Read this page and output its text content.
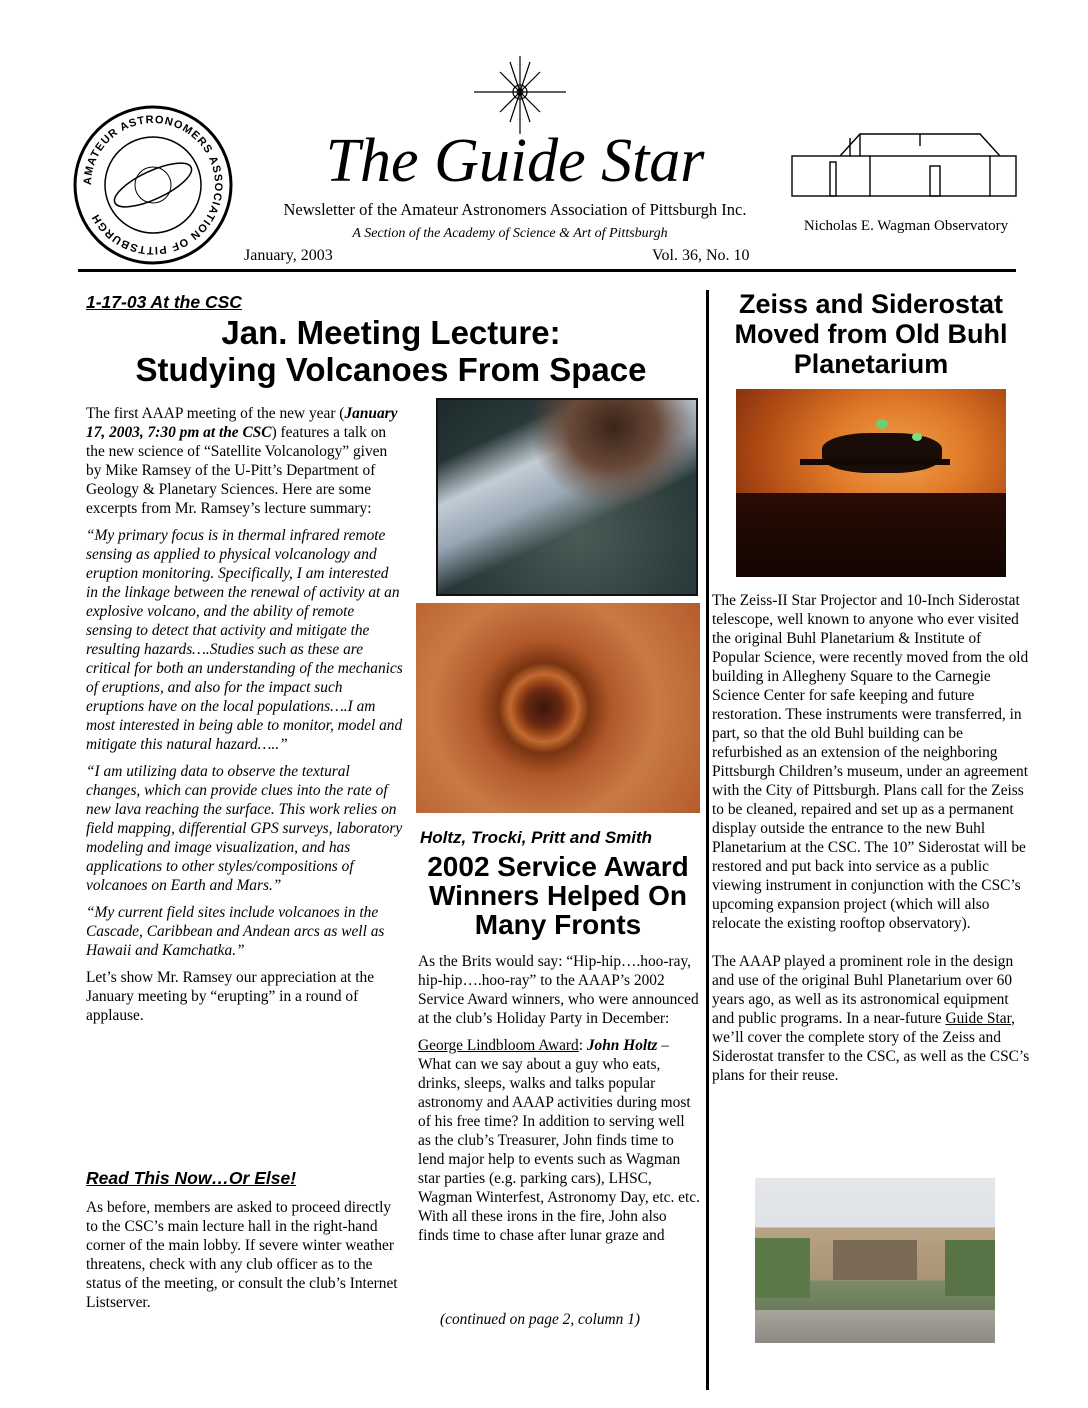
AMATEUR ASTRONOMERS ASSOCIATION OF PITTSBURGH
The Guide Star
Newsletter of the Amateur Astronomers Association of Pittsburgh Inc.
A Section of the Academy of Science & Art of Pittsburgh
January, 2003	Vol. 36, No. 10
Nicholas E. Wagman Observatory
1-17-03 At the CSC
Jan. Meeting Lecture:
Studying Volcanoes From Space

The first AAAP meeting of the new year (January 17, 2003, 7:30 pm at the CSC) features a talk on the new science of “Satellite Volcanology” given by Mike Ramsey of the U-Pitt’s Department of Geology & Planetary Sciences. Here are some excerpts from Mr. Ramsey’s lecture summary:

“My primary focus is in thermal infrared remote sensing as applied to physical volcanology and eruption monitoring. Specifically, I am interested in the linkage between the renewal of activity at an explosive volcano, and the ability of remote sensing to detect that activity and mitigate the resulting hazards….Studies such as these are critical for both an understanding of the mechanics of eruptions, and also for the impact such eruptions have on the local populations….I am most interested in being able to monitor, model and mitigate this natural hazard…..”

“I am utilizing data to observe the textural changes, which can provide clues into the rate of new lava reaching the surface. This work relies on field mapping, differential GPS surveys, laboratory modeling and image visualization, and has applications to other styles/compositions of volcanoes on Earth and Mars.”

“My current field sites include volcanoes in the Cascade, Caribbean and Andean arcs as well as Hawaii and Kamchatka.”

Let’s show Mr. Ramsey our appreciation at the January meeting by “erupting” in a round of applause.

Read This Now…Or Else!
As before, members are asked to proceed directly to the CSC’s main lecture hall in the right-hand corner of the main lobby. If severe winter weather threatens, check with any club officer as to the status of the meeting, or consult the club’s Internet Listserver.
Holtz, Trocki, Pritt and Smith
2002 Service Award
Winners Helped On
Many Fronts

As the Brits would say: “Hip-hip….hoo-ray, hip-hip….hoo-ray” to the AAAP’s 2002 Service Award winners, who were announced at the club’s Holiday Party in December:

George Lindbloom Award: John Holtz – What can we say about a guy who eats, drinks, sleeps, walks and talks popular astronomy and AAAP activities during most of his free time? In addition to serving well as the club’s Treasurer, John finds time to lend major help to events such as Wagman star parties (e.g. parking cars), LHSC, Wagman Winterfest, Astronomy Day, etc. etc. With all these irons in the fire, John also finds time to chase after lunar graze and

(continued on page 2, column 1)
Zeiss and Siderostat
Moved from Old Buhl
Planetarium

The Zeiss-II Star Projector and 10-Inch Siderostat telescope, well known to anyone who ever visited the original Buhl Planetarium & Institute of Popular Science, were recently moved from the old building in Allegheny Square to the Carnegie Science Center for safe keeping and future restoration. These instruments were transferred, in part, so that the old Buhl building can be refurbished as an extension of the neighboring Pittsburgh Children’s museum, under an agreement with the City of Pittsburgh. Plans call for the Zeiss to be cleaned, repaired and set up as a permanent display outside the entrance to the new Buhl Planetarium at the CSC. The 10” Siderostat will be restored and put back into service as a public viewing instrument in conjunction with the CSC’s upcoming expansion project (which will also relocate the existing rooftop observatory).

The AAAP played a prominent role in the design and use of the original Buhl Planetarium over 60 years ago, as well as its astronomical equipment and public programs. In a near-future Guide Star, we’ll cover the complete story of the Zeiss and Siderostat transfer to the CSC, as well as the CSC’s plans for their reuse.
